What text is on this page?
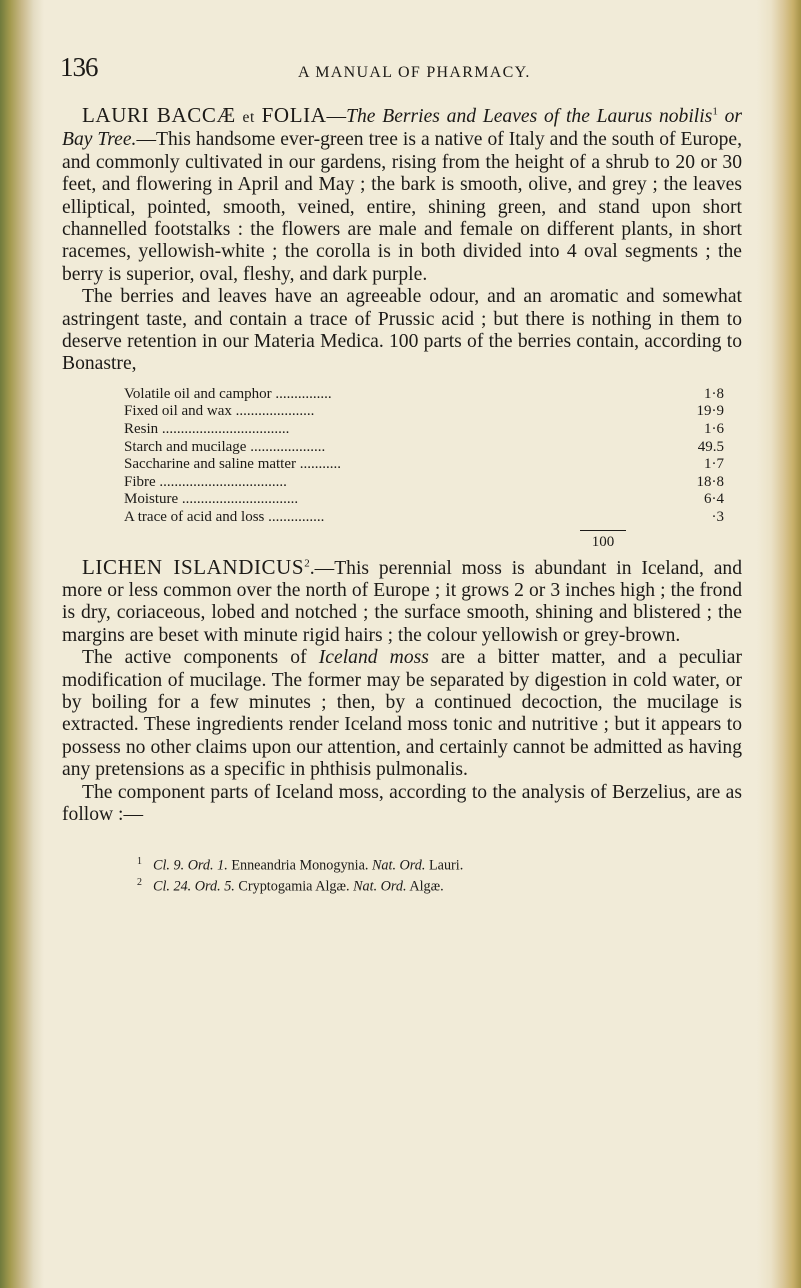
136	A MANUAL OF PHARMACY.

LAURI BACCÆ et FOLIA—The Berries and Leaves of the Laurus nobilis$^1$ or Bay Tree.—This handsome ever-green tree is a native of Italy and the south of Europe, and commonly cultivated in our gardens, rising from the height of a shrub to 20 or 30 feet, and flowering in April and May ; the bark is smooth, olive, and grey ; the leaves elliptical, pointed, smooth, veined, entire, shining green, and stand upon short channelled footstalks : the flowers are male and female on different plants, in short racemes, yellowish-white ; the corolla is in both divided into 4 oval segments ; the berry is superior, oval, fleshy, and dark purple.

The berries and leaves have an agreeable odour, and an aromatic and somewhat astringent taste, and contain a trace of Prussic acid ; but there is nothing in them to deserve retention in our Materia Medica. 100 parts of the berries contain, according to Bonastre,

Volatile oil and camphor ...............	1·8
Fixed oil and wax .....................	19·9
Resin ..................................	1·6
Starch and mucilage ....................	49.5
Saccharine and saline matter ...........	1·7
Fibre ..................................	18·8
Moisture ...............................	6·4
A trace of acid and loss ...............	·3
100

LICHEN ISLANDICUS$^2$.—This perennial moss is abundant in Iceland, and more or less common over the north of Europe ; it grows 2 or 3 inches high ; the frond is dry, coriaceous, lobed and notched ; the surface smooth, shining and blistered ; the margins are beset with minute rigid hairs ; the colour yellowish or grey-brown.

The active components of Iceland moss are a bitter matter, and a peculiar modification of mucilage. The former may be separated by digestion in cold water, or by boiling for a few minutes ; then, by a continued decoction, the mucilage is extracted. These ingredients render Iceland moss tonic and nutritive ; but it appears to possess no other claims upon our attention, and certainly cannot be admitted as having any pretensions as a specific in phthisis pulmonalis.

The component parts of Iceland moss, according to the analysis of Berzelius, are as follow :—

1 Cl. 9. Ord. 1. Enneandria Monogynia. Nat. Ord. Lauri.
2 Cl. 24. Ord. 5. Cryptogamia Algæ. Nat. Ord. Algæ.
